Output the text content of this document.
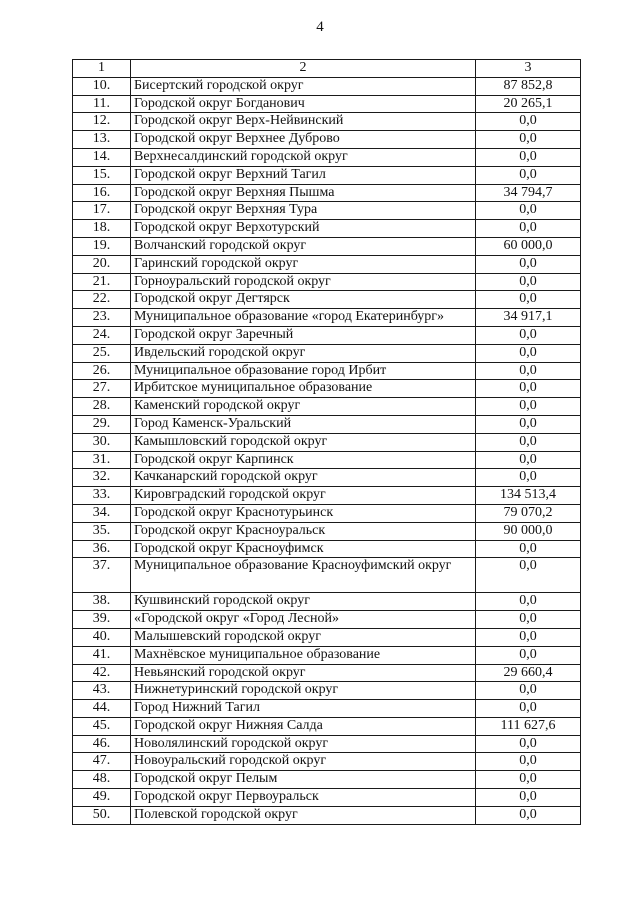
4
1	2	3
10.	Бисертский городской округ	87 852,8
11.	Городской округ Богданович	20 265,1
12.	Городской округ Верх-Нейвинский	0,0
13.	Городской округ Верхнее Дуброво	0,0
14.	Верхнесалдинский городской округ	0,0
15.	Городской округ Верхний Тагил	0,0
16.	Городской округ Верхняя Пышма	34 794,7
17.	Городской округ Верхняя Тура	0,0
18.	Городской округ Верхотурский	0,0
19.	Волчанский городской округ	60 000,0
20.	Гаринский городской округ	0,0
21.	Горноуральский городской округ	0,0
22.	Городской округ Дегтярск	0,0
23.	Муниципальное образование «город Екатеринбург»	34 917,1
24.	Городской округ Заречный	0,0
25.	Ивдельский городской округ	0,0
26.	Муниципальное образование город Ирбит	0,0
27.	Ирбитское муниципальное образование	0,0
28.	Каменский городской округ	0,0
29.	Город Каменск-Уральский	0,0
30.	Камышловский городской округ	0,0
31.	Городской округ Карпинск	0,0
32.	Качканарский городской округ	0,0
33.	Кировградский городской округ	134 513,4
34.	Городской округ Краснотурьинск	79 070,2
35.	Городской округ Красноуральск	90 000,0
36.	Городской округ Красноуфимск	0,0
37.	Муниципальное образование Красноуфимский округ	0,0
38.	Кушвинский городской округ	0,0
39.	«Городской округ «Город Лесной»	0,0
40.	Малышевский городской округ	0,0
41.	Махнёвское муниципальное образование	0,0
42.	Невьянский городской округ	29 660,4
43.	Нижнетуринский городской округ	0,0
44.	Город Нижний Тагил	0,0
45.	Городской округ Нижняя Салда	111 627,6
46.	Новолялинский городской округ	0,0
47.	Новоуральский городской округ	0,0
48.	Городской округ Пелым	0,0
49.	Городской округ Первоуральск	0,0
50.	Полевской городской округ	0,0
